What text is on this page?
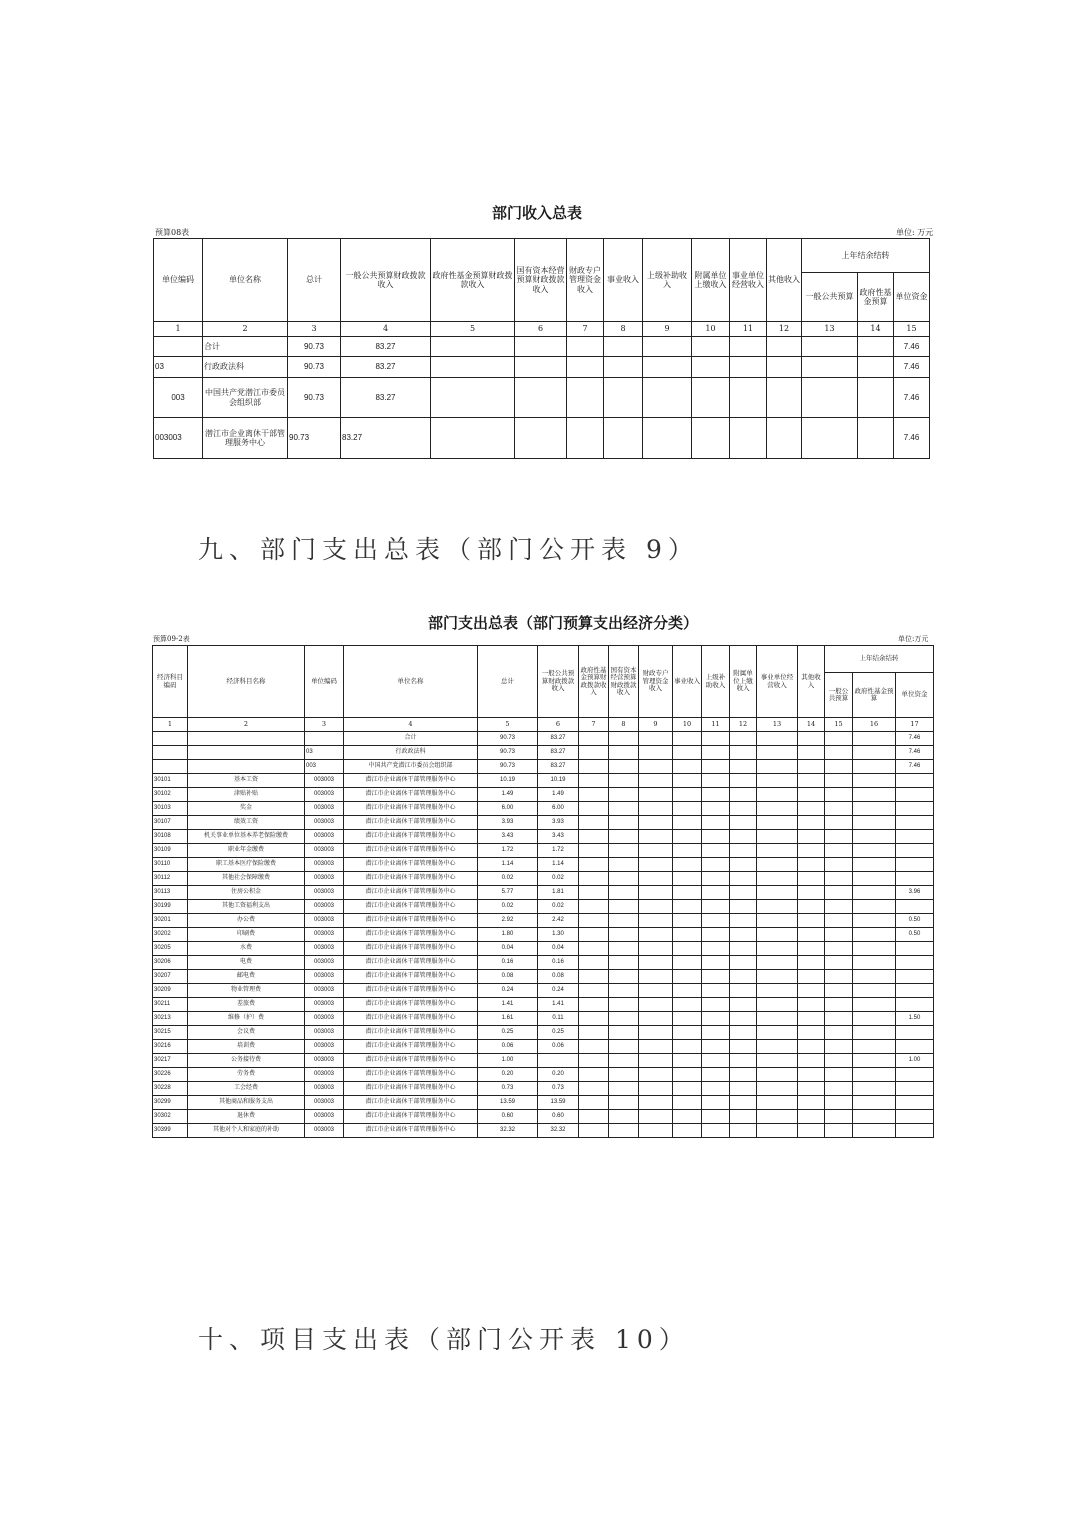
部门收入总表
预算08表	单位: 万元
单位编码	单位名称	总计	一般公共预算财政拨款收入	政府性基金预算财政拨款收入	国有资本经营预算财政拨款收入	财政专户管理资金收入	事业收入	上级补助收入	附属单位上缴收入	事业单位经营收入	其他收入	上年结余结转		
												一般公共预算	政府性基金预算	单位资金
1	2	3	4	5	6	7	8	9	10	11	12	13	14	15
	合计	90.73	83.27											7.46
03	行政政法科	90.73	83.27											7.46
003	中国共产党潜江市委员会组织部	90.73	83.27											7.46
003003	潜江市企业离休干部管理服务中心	90.73	83.27											7.46
九、部门支出总表（部门公开表 9）
部门支出总表（部门预算支出经济分类）
预算09-2表	单位:万元
经济科目编码	经济科目名称	单位编码	单位名称	总计	一般公共预算财政拨款收入	政府性基金预算财政拨款收入	国有资本经营预算财政拨款收入	财政专户管理资金收入	事业收入	上级补助收入	附属单位上缴收入	事业单位经营收入	其他收入	上年结余结转		
														一般公共预算	政府性基金预算	单位资金
1	2	3	4	5	6	7	8	9	10	11	12	13	14	15	16	17
			合计	90.73	83.27											7.46
		03	行政政法科	90.73	83.27											7.46
		003	中国共产党潜江市委员会组织部	90.73	83.27											7.46
30101	基本工资	003003	潜江市企业离休干部管理服务中心	10.19	10.19											
30102	津贴补贴	003003	潜江市企业离休干部管理服务中心	1.49	1.49											
30103	奖金	003003	潜江市企业离休干部管理服务中心	6.00	6.00											
30107	绩效工资	003003	潜江市企业离休干部管理服务中心	3.93	3.93											
30108	机关事业单位基本养老保险缴费	003003	潜江市企业离休干部管理服务中心	3.43	3.43											
30109	职业年金缴费	003003	潜江市企业离休干部管理服务中心	1.72	1.72											
30110	职工基本医疗保险缴费	003003	潜江市企业离休干部管理服务中心	1.14	1.14											
30112	其他社会保障缴费	003003	潜江市企业离休干部管理服务中心	0.02	0.02											
30113	住房公积金	003003	潜江市企业离休干部管理服务中心	5.77	1.81											3.96
30199	其他工资福利支出	003003	潜江市企业离休干部管理服务中心	0.02	0.02											
30201	办公费	003003	潜江市企业离休干部管理服务中心	2.92	2.42											0.50
30202	印刷费	003003	潜江市企业离休干部管理服务中心	1.80	1.30											0.50
30205	水费	003003	潜江市企业离休干部管理服务中心	0.04	0.04											
30206	电费	003003	潜江市企业离休干部管理服务中心	0.16	0.16											
30207	邮电费	003003	潜江市企业离休干部管理服务中心	0.08	0.08											
30209	物业管理费	003003	潜江市企业离休干部管理服务中心	0.24	0.24											
30211	差旅费	003003	潜江市企业离休干部管理服务中心	1.41	1.41											
30213	维修（护）费	003003	潜江市企业离休干部管理服务中心	1.61	0.11											1.50
30215	会议费	003003	潜江市企业离休干部管理服务中心	0.25	0.25											
30216	培训费	003003	潜江市企业离休干部管理服务中心	0.06	0.06											
30217	公务接待费	003003	潜江市企业离休干部管理服务中心	1.00												1.00
30226	劳务费	003003	潜江市企业离休干部管理服务中心	0.20	0.20											
30228	工会经费	003003	潜江市企业离休干部管理服务中心	0.73	0.73											
30299	其他商品和服务支出	003003	潜江市企业离休干部管理服务中心	13.59	13.59											
30302	退休费	003003	潜江市企业离休干部管理服务中心	0.60	0.60											
30399	其他对个人和家庭的补助	003003	潜江市企业离休干部管理服务中心	32.32	32.32											
十、项目支出表（部门公开表 10）
